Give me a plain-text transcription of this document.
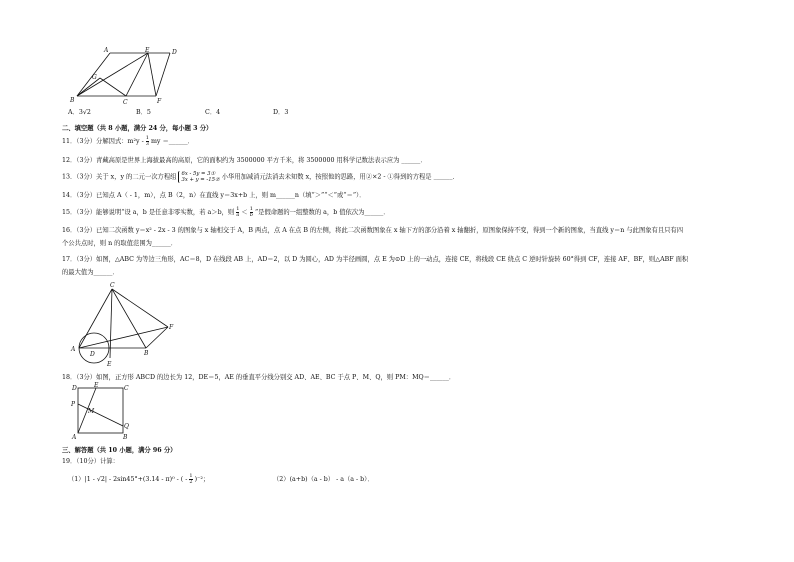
A	E	D
G
B	C	F
A．3√2	B．5	C．4	D．3
二、填空题（共 8 小题，满分 24 分，每小题 3 分）
11．（3分）分解因式：$m^2y - \frac{1}{3}$ my ＝______．
12．（3分）青藏高原是世界上海拔最高的高原，它的面积约为 3500000 平方千米，将 3500000 用科学记数法表示应为 ______．
13．（3分）关于 x，y 的二元一次方程组 6x - 5y = 3①
3x + y = -15② 小华用加减消元法消去未知数 x，按照他的思路，用②×2 - ①得到的方程是 ______．
14．（3分）已知点 A（ - 1，m），点 B（2，n）在直线 y＝3x+b 上，则 m______n（填“＞”“＜”或“＝”）．
15．（3分）能够说明“设 a，b 是任意非零实数，若 a＞b，则 $\frac{1}{a} < \frac{1}{b}$ ”是假命题的一组整数的 a，b 值依次为______．
16．（3分）已知二次函数 y＝x² - 2x - 3 的图象与 x 轴相交于 A，B 两点，点 A 在点 B 的左侧，将此二次函数图象在 x 轴下方的部分沿着 x 轴翻折，原图象保持不变，得到一个新的图象，当直线 y＝n 与此图象有且只有四
个公共点时，则 n 的取值范围为______．
17．（3分）如图，△ABC 为等边三角形，AC＝8，D 在线段 AB 上，AD＝2，以 D 为圆心，AD 为半径画圆，点 E 为⊙D 上的一动点，连接 CE，将线段 CE 绕点 C 逆时针旋转 60°得到 CF，连接 AF、BF，则△ABF 面积
的最大值为______．
C
F
A
D	B
E
18．（3分）如图，正方形 ABCD 的边长为 12，DE＝5，AE 的垂直平分线分别交 AD、AE、BC 于点 P、M、Q，则 PM：MQ＝______．
D	E	C
P
M
A
Q
B
三、解答题（共 10 小题，满分 96 分）
19．（10分）计算：
（1）|1 - √2| - 2sin45°+(3.14 - π)⁰ - ( - $\frac{1}{2} )^{-2}$；	（2）(a+b)（a - b） - a（a - b）．
